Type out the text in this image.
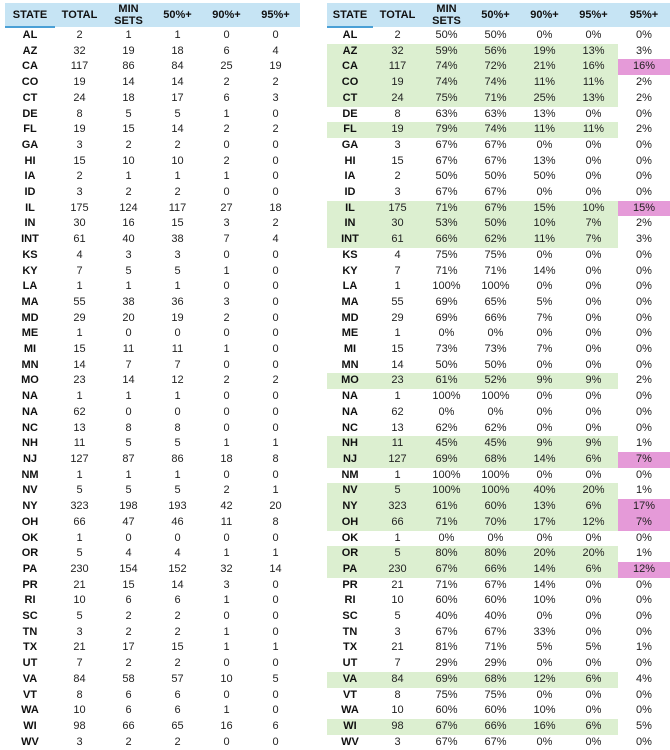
STATE	TOTAL	MIN SETS	50%+	90%+	95%+
AL	2	1	1	0	0
AZ	32	19	18	6	4
CA	117	86	84	25	19
CO	19	14	14	2	2
CT	24	18	17	6	3
DE	8	5	5	1	0
FL	19	15	14	2	2
GA	3	2	2	0	0
HI	15	10	10	2	0
IA	2	1	1	1	0
ID	3	2	2	0	0
IL	175	124	117	27	18
IN	30	16	15	3	2
INT	61	40	38	7	4
KS	4	3	3	0	0
KY	7	5	5	1	0
LA	1	1	1	0	0
MA	55	38	36	3	0
MD	29	20	19	2	0
ME	1	0	0	0	0
MI	15	11	11	1	0
MN	14	7	7	0	0
MO	23	14	12	2	2
NA	1	1	1	0	0
NA	62	0	0	0	0
NC	13	8	8	0	0
NH	11	5	5	1	1
NJ	127	87	86	18	8
NM	1	1	1	0	0
NV	5	5	5	2	1
NY	323	198	193	42	20
OH	66	47	46	11	8
OK	1	0	0	0	0
OR	5	4	4	1	1
PA	230	154	152	32	14
PR	21	15	14	3	0
RI	10	6	6	1	0
SC	5	2	2	0	0
TN	3	2	2	1	0
TX	21	17	15	1	1
UT	7	2	2	0	0
VA	84	58	57	10	5
VT	8	6	6	0	0
WA	10	6	6	1	0
WI	98	66	65	16	6
WV	3	2	2	0	0
STATE	TOTAL	MIN SETS	50%+	90%+	95%+	95%+
AL	2	50%	50%	0%	0%	0%
AZ	32	59%	56%	19%	13%	3%
CA	117	74%	72%	21%	16%	16%
CO	19	74%	74%	11%	11%	2%
CT	24	75%	71%	25%	13%	2%
DE	8	63%	63%	13%	0%	0%
FL	19	79%	74%	11%	11%	2%
GA	3	67%	67%	0%	0%	0%
HI	15	67%	67%	13%	0%	0%
IA	2	50%	50%	50%	0%	0%
ID	3	67%	67%	0%	0%	0%
IL	175	71%	67%	15%	10%	15%
IN	30	53%	50%	10%	7%	2%
INT	61	66%	62%	11%	7%	3%
KS	4	75%	75%	0%	0%	0%
KY	7	71%	71%	14%	0%	0%
LA	1	100%	100%	0%	0%	0%
MA	55	69%	65%	5%	0%	0%
MD	29	69%	66%	7%	0%	0%
ME	1	0%	0%	0%	0%	0%
MI	15	73%	73%	7%	0%	0%
MN	14	50%	50%	0%	0%	0%
MO	23	61%	52%	9%	9%	2%
NA	1	100%	100%	0%	0%	0%
NA	62	0%	0%	0%	0%	0%
NC	13	62%	62%	0%	0%	0%
NH	11	45%	45%	9%	9%	1%
NJ	127	69%	68%	14%	6%	7%
NM	1	100%	100%	0%	0%	0%
NV	5	100%	100%	40%	20%	1%
NY	323	61%	60%	13%	6%	17%
OH	66	71%	70%	17%	12%	7%
OK	1	0%	0%	0%	0%	0%
OR	5	80%	80%	20%	20%	1%
PA	230	67%	66%	14%	6%	12%
PR	21	71%	67%	14%	0%	0%
RI	10	60%	60%	10%	0%	0%
SC	5	40%	40%	0%	0%	0%
TN	3	67%	67%	33%	0%	0%
TX	21	81%	71%	5%	5%	1%
UT	7	29%	29%	0%	0%	0%
VA	84	69%	68%	12%	6%	4%
VT	8	75%	75%	0%	0%	0%
WA	10	60%	60%	10%	0%	0%
WI	98	67%	66%	16%	6%	5%
WV	3	67%	67%	0%	0%	0%
